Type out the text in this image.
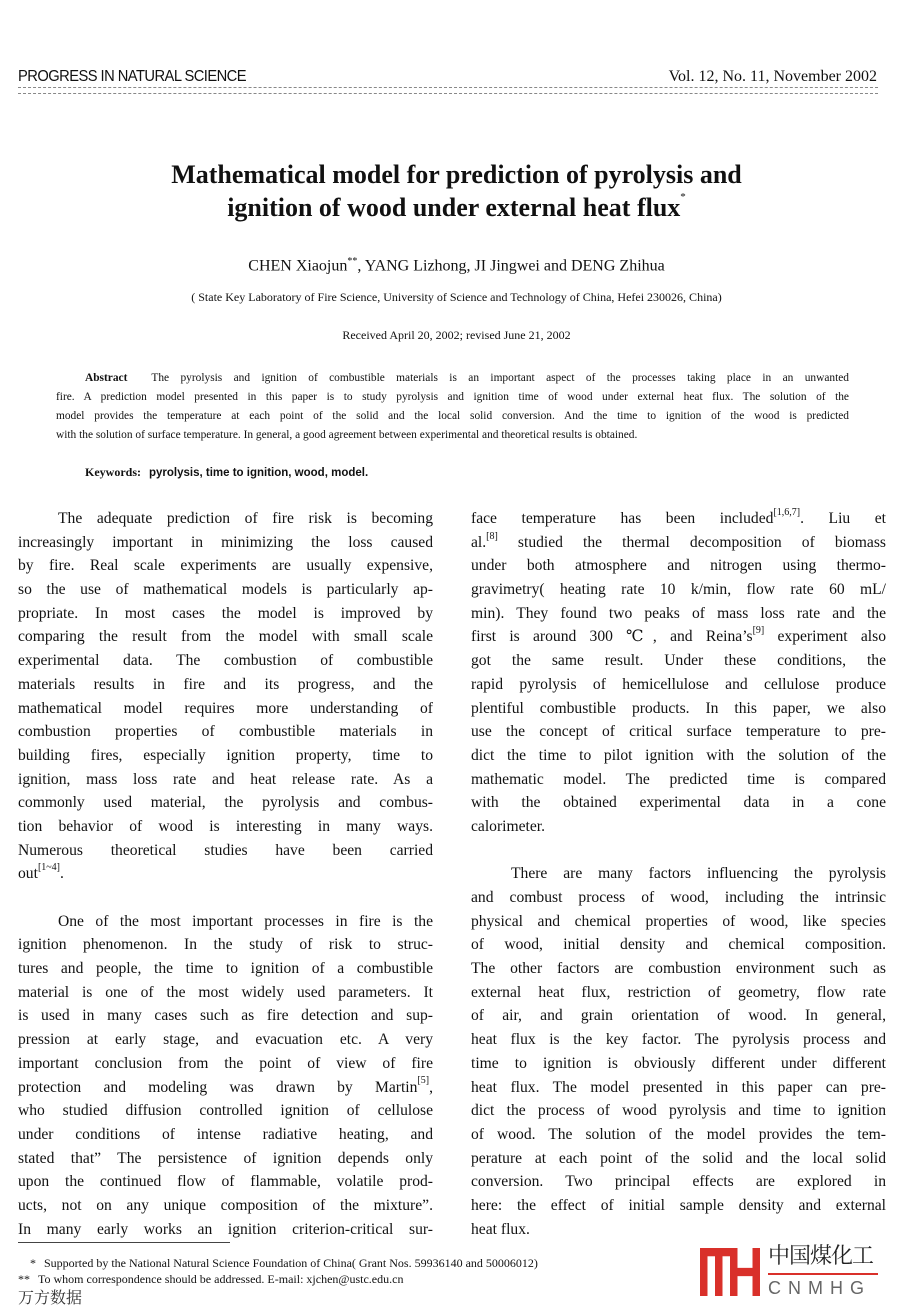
PROGRESS IN NATURAL SCIENCE	Vol. 12, No. 11, November 2002
Mathematical model for prediction of pyrolysis and
ignition of wood under external heat flux*
CHEN Xiaojun**, YANG Lizhong, JI Jingwei and DENG Zhihua
( State Key Laboratory of Fire Science, University of Science and Technology of China, Hefei 230026, China)
Received April 20, 2002; revised June 21, 2002
Abstract The pyrolysis and ignition of combustible materials is an important aspect of the processes taking place in an unwanted
fire. A prediction model presented in this paper is to study pyrolysis and ignition time of wood under external heat flux. The solution of the
model provides the temperature at each point of the solid and the local solid conversion. And the time to ignition of the wood is predicted
with the solution of surface temperature. In general, a good agreement between experimental and theoretical results is obtained.
Keywords: pyrolysis, time to ignition, wood, model.
The adequate prediction of fire risk is becoming
increasingly important in minimizing the loss caused
by fire. Real scale experiments are usually expensive,
so the use of mathematical models is particularly ap-
propriate. In most cases the model is improved by
comparing the result from the model with small scale
experimental data. The combustion of combustible
materials results in fire and its progress, and the
mathematical model requires more understanding of
combustion properties of combustible materials in
building fires, especially ignition property, time to
ignition, mass loss rate and heat release rate. As a
commonly used material, the pyrolysis and combus-
tion behavior of wood is interesting in many ways.
Numerous theoretical studies have been carried
out[1~4].
One of the most important processes in fire is the
ignition phenomenon. In the study of risk to struc-
tures and people, the time to ignition of a combustible
material is one of the most widely used parameters. It
is used in many cases such as fire detection and sup-
pression at early stage, and evacuation etc. A very
important conclusion from the point of view of fire
protection and modeling was drawn by Martin[5],
who studied diffusion controlled ignition of cellulose
under conditions of intense radiative heating, and
stated that” The persistence of ignition depends only
upon the continued flow of flammable, volatile prod-
ucts, not on any unique composition of the mixture”.
In many early works an ignition criterion-critical sur-
face temperature has been included[1,6,7]. Liu et
al.[8] studied the thermal decomposition of biomass
under both atmosphere and nitrogen using thermo-
gravimetry( heating rate 10 k/min, flow rate 60 mL/
min). They found two peaks of mass loss rate and the
first is around 300 ℃, and Reina’s[9] experiment also
got the same result. Under these conditions, the
rapid pyrolysis of hemicellulose and cellulose produce
plentiful combustible products. In this paper, we also
use the concept of critical surface temperature to pre-
dict the time to pilot ignition with the solution of the
mathematic model. The predicted time is compared
with the obtained experimental data in a cone
calorimeter.
There are many factors influencing the pyrolysis
and combust process of wood, including the intrinsic
physical and chemical properties of wood, like species
of wood, initial density and chemical composition.
The other factors are combustion environment such as
external heat flux, restriction of geometry, flow rate
of air, and grain orientation of wood. In general,
heat flux is the key factor. The pyrolysis process and
time to ignition is obviously different under different
heat flux. The model presented in this paper can pre-
dict the process of wood pyrolysis and time to ignition
of wood. The solution of the model provides the tem-
perature at each point of the solid and the local solid
conversion. Two principal effects are explored in
here: the effect of initial sample density and external
heat flux.
* Supported by the National Natural Science Foundation of China( Grant Nos. 59936140 and 50006012)
** To whom correspondence should be addressed. E-mail: xjchen@ustc.edu.cn
中国煤化工
CNMHG
万方数据
